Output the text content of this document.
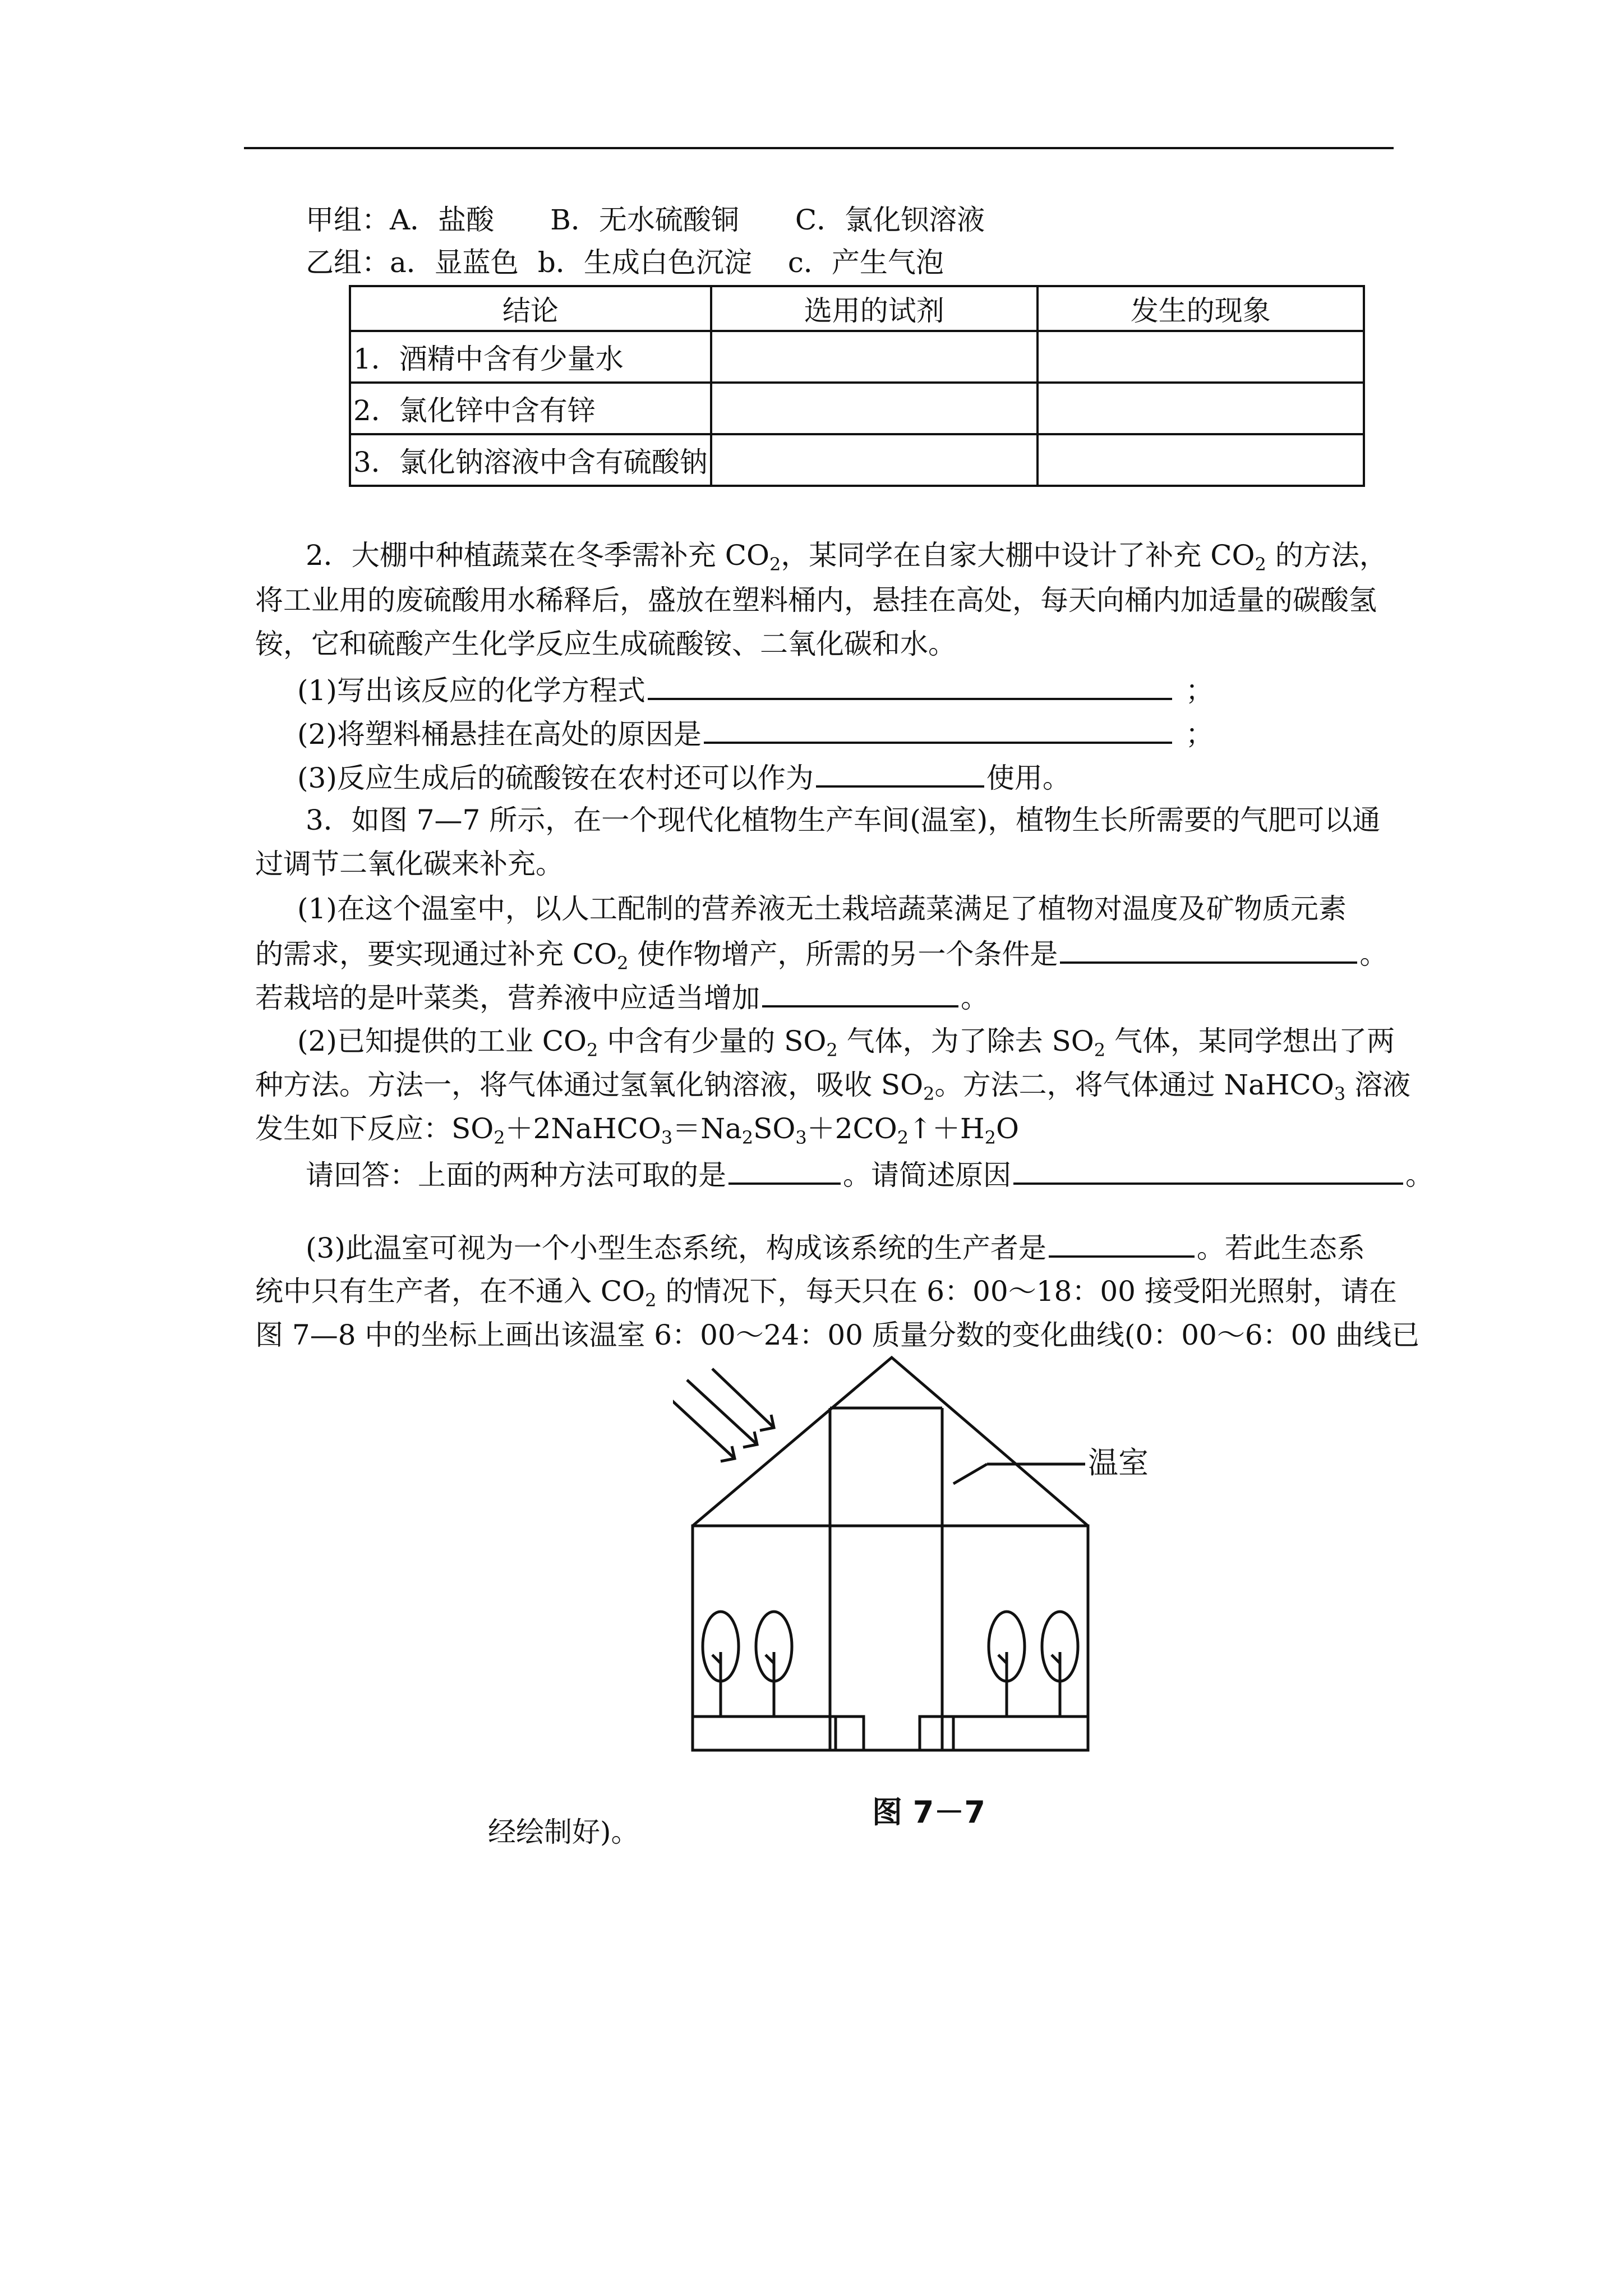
甲组：A．盐酸 B．无水硫酸铜 C．氯化钡溶液
乙组：a．显蓝色 b．生成白色沉淀 c．产生气泡
结论	选用的试剂	发生的现象
1．酒精中含有少量水		
2．氯化锌中含有锌		
3．氯化钠溶液中含有硫酸钠		
2．大棚中种植蔬菜在冬季需补充 $CO_2$，某同学在自家大棚中设计了补充 $CO_2$ 的方法，
将工业用的废硫酸用水稀释后，盛放在塑料桶内，悬挂在高处，每天向桶内加适量的碳酸氢
铵，它和硫酸产生化学反应生成硫酸铵、二氧化碳和水。
(1)写出该反应的化学方程式	；
(2)将塑料桶悬挂在高处的原因是	；
(3)反应生成后的硫酸铵在农村还可以作为	使用。
3．如图 7—7 所示，在一个现代化植物生产车间(温室)，植物生长所需要的气肥可以通
过调节二氧化碳来补充。
(1)在这个温室中，以人工配制的营养液无土栽培蔬菜满足了植物对温度及矿物质元素
的需求，要实现通过补充 $CO_2$ 使作物增产，所需的另一个条件是	。
若栽培的是叶菜类，营养液中应适当增加	。
(2)已知提供的工业 $CO_2$ 中含有少量的 $SO_2$ 气体，为了除去 $SO_2$ 气体，某同学想出了两
种方法。方法一，将气体通过氢氧化钠溶液，吸收 $SO_2$。方法二，将气体通过 NaHCO$_3$ 溶液
发生如下反应：$SO_2+2NaHCO_3=Na_2SO_3+2CO_2↑+H_2O$
请回答：上面的两种方法可取的是	。请简述原因	。
(3)此温室可视为一个小型生态系统，构成该系统的生产者是	。若此生态系
统中只有生产者，在不通入 $CO_2$ 的情况下，每天只在 6：00～18：00 接受阳光照射，请在
图 7—8 中的坐标上画出该温室 6：00～24：00 质量分数的变化曲线(0：00～6：00 曲线已
温室
图 7－7
经绘制好)。
